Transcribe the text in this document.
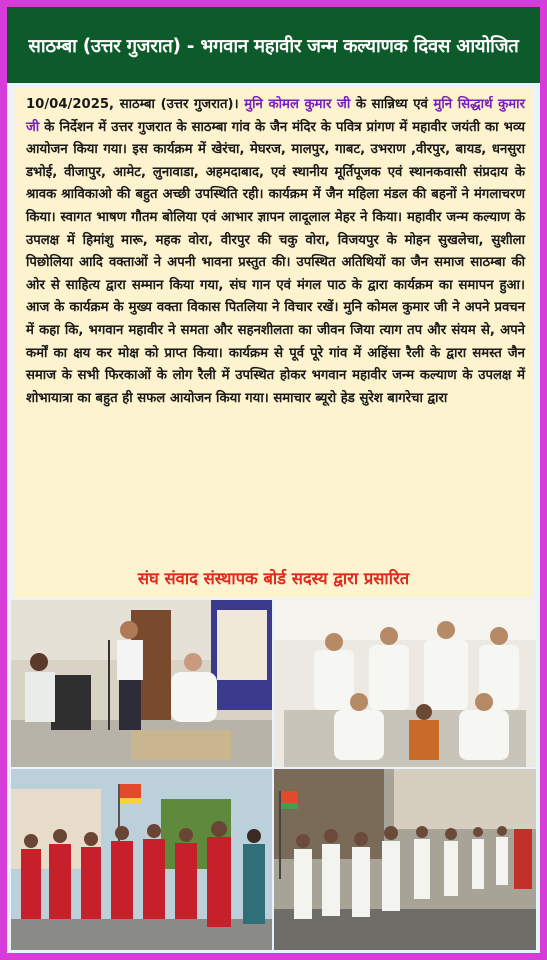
साठम्बा (उत्तर गुजरात) - भगवान महावीर जन्म कल्याणक दिवस आयोजित

10/04/2025, साठम्बा (उत्तर गुजरात)। मुनि कोमल कुमार जी के सान्निध्य एवं मुनि सिद्धार्थ कुमार जी के निर्देशन में उत्तर गुजरात के साठम्बा गांव के जैन मंदिर के पवित्र प्रांगण में महावीर जयंती का भव्य आयोजन किया गया। इस कार्यक्रम में खेरंचा, मेघरज, मालपुर, गाबट, उभराण ,वीरपुर, बायड, धनसुरा डभोई, वीजापुर, आमेट, लुनावाडा, अहमदाबाद, एवं स्थानीय मूर्तिपूजक एवं स्थानकवासी संप्रदाय के श्रावक श्राविकाओ की बहुत अच्छी उपस्थिति रही। कार्यक्रम में जैन महिला मंडल की बहनों ने मंगलाचरण किया। स्वागत भाषण गौतम बोलिया एवं आभार ज्ञापन लादूलाल मेहर ने किया। महावीर जन्म कल्याण के उपलक्ष में हिमांशु मारू, महक वोरा, वीरपुर की चकु वोरा, विजयपुर के मोहन सुखलेचा, सुशीला पिछोलिया आदि वक्ताओं ने अपनी भावना प्रस्तुत की। उपस्थित अतिथियों का जैन समाज साठम्बा की ओर से साहित्य द्वारा सम्मान किया गया, संघ गान एवं मंगल पाठ के द्वारा कार्यक्रम का समापन हुआ। आज के कार्यक्रम के मुख्य वक्ता विकास पितलिया ने विचार रखें। मुनि कोमल कुमार जी ने अपने प्रवचन में कहा कि, भगवान महावीर ने समता और सहनशीलता का जीवन जिया त्याग तप और संयम से, अपने कर्मों का क्षय कर मोक्ष को प्राप्त किया। कार्यक्रम से पूर्व पूरे गांव में अहिंसा रैली के द्वारा समस्त जैन समाज के सभी फिरकाओं के लोग रैली में उपस्थित होकर भगवान महावीर जन्म कल्याण के उपलक्ष में शोभायात्रा का बहुत ही सफल आयोजन किया गया। समाचार ब्यूरो हेड सुरेश बागरेचा द्वारा

संघ संवाद संस्थापक बोर्ड सदस्य द्वारा प्रसारित
